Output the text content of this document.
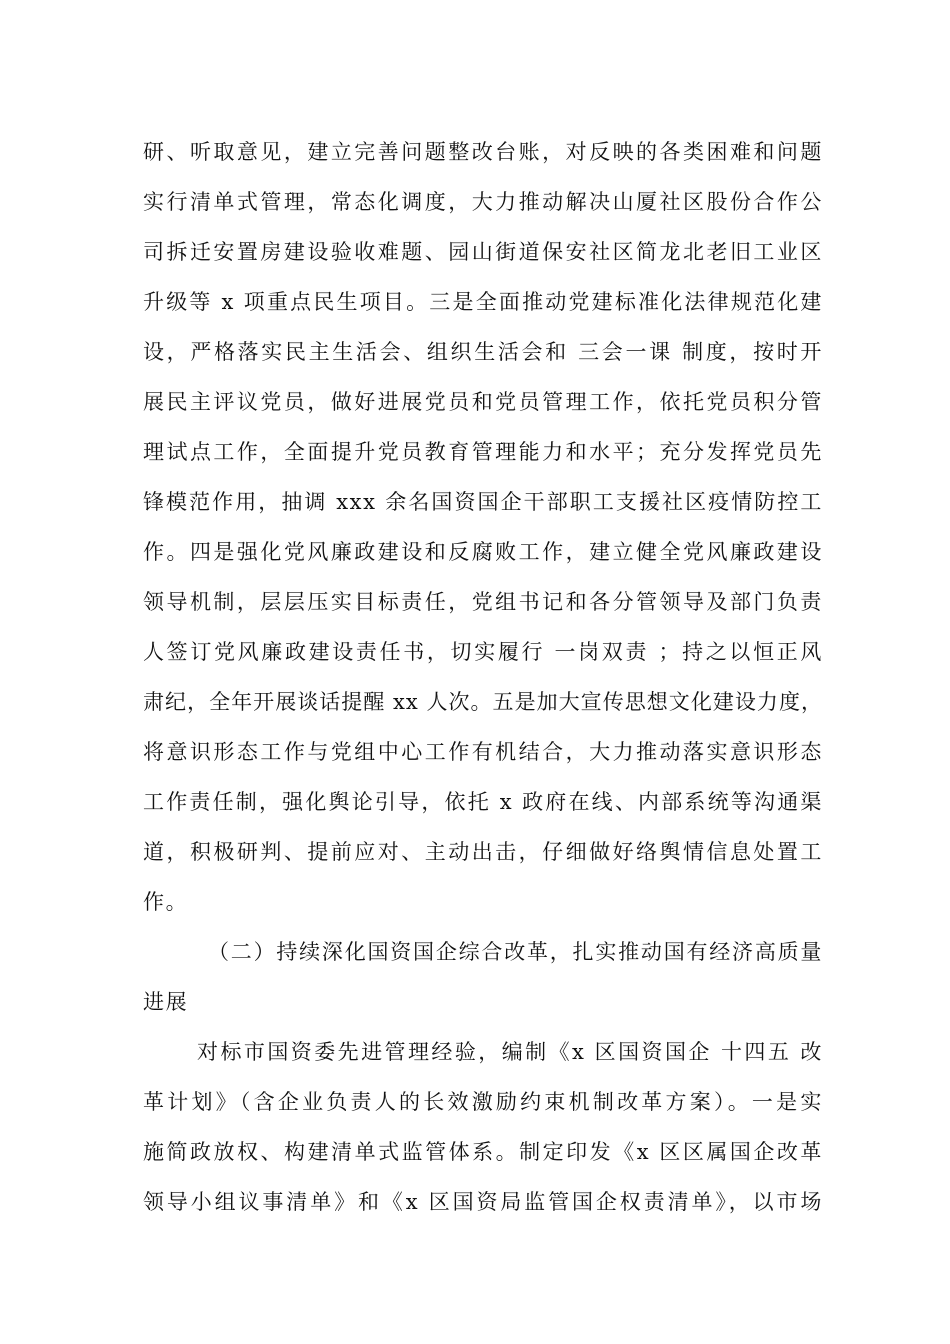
研、听取意见，建立完善问题整改台账，对反映的各类困难和问题
实行清单式管理，常态化调度，大力推动解决山厦社区股份合作公
司拆迁安置房建设验收难题、园山街道保安社区简龙北老旧工业区
升级等 x 项重点民生项目。三是全面推动党建标准化法律规范化建
设，严格落实民主生活会、组织生活会和 三会一课 制度，按时开
展民主评议党员，做好进展党员和党员管理工作，依托党员积分管
理试点工作，全面提升党员教育管理能力和水平；充分发挥党员先
锋模范作用，抽调 xxx 余名国资国企干部职工支援社区疫情防控工
作。四是强化党风廉政建设和反腐败工作，建立健全党风廉政建设
领导机制，层层压实目标责任，党组书记和各分管领导及部门负责
人签订党风廉政建设责任书，切实履行 一岗双责 ；持之以恒正风
肃纪，全年开展谈话提醒 xx 人次。五是加大宣传思想文化建设力度，
将意识形态工作与党组中心工作有机结合，大力推动落实意识形态
工作责任制，强化舆论引导，依托 x 政府在线、内部系统等沟通渠
道，积极研判、提前应对、主动出击，仔细做好络舆情信息处置工
作。
（二）持续深化国资国企综合改革，扎实推动国有经济高质量
进展
对标市国资委先进管理经验，编制《x 区国资国企 十四五 改
革计划》（含企业负责人的长效激励约束机制改革方案）。一是实
施简政放权、构建清单式监管体系。制定印发《x 区区属国企改革
领导小组议事清单》和《x 区国资局监管国企权责清单》，以市场
